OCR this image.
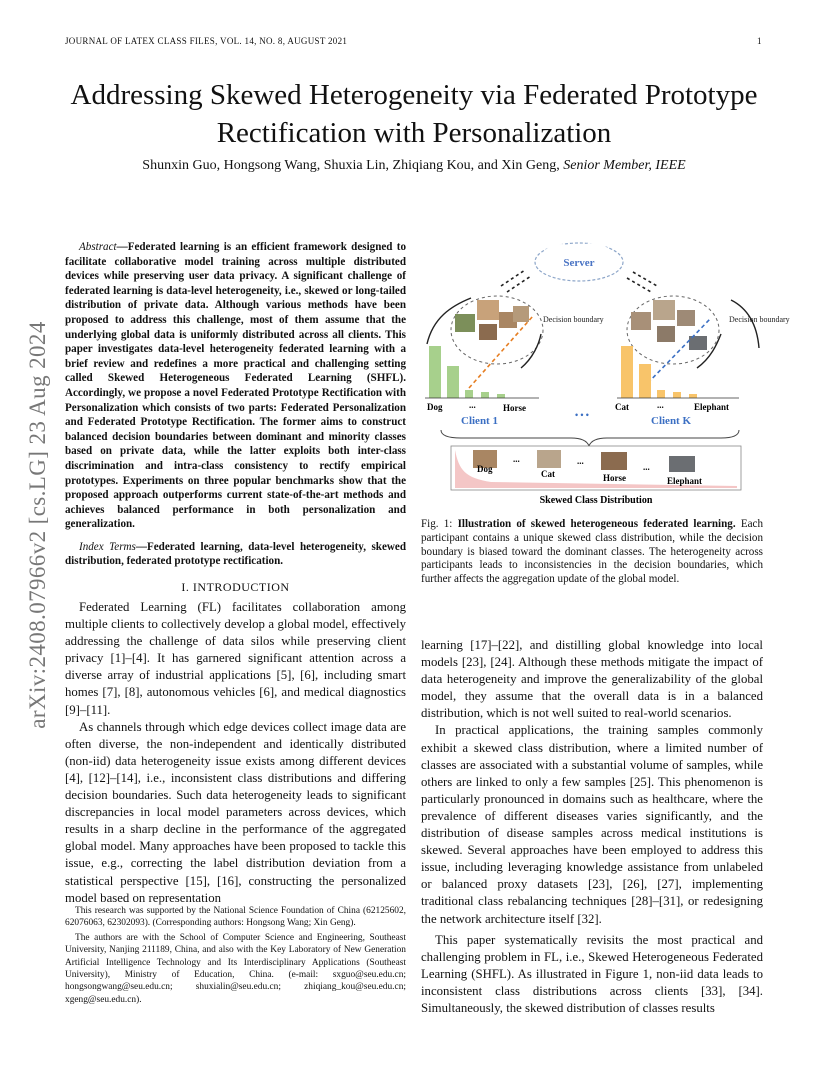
JOURNAL OF LATEX CLASS FILES, VOL. 14, NO. 8, AUGUST 2021	1
arXiv:2408.07966v2 [cs.LG] 23 Aug 2024
Addressing Skewed Heterogeneity via Federated Prototype Rectification with Personalization
Shunxin Guo, Hongsong Wang, Shuxia Lin, Zhiqiang Kou, and Xin Geng, Senior Member, IEEE

Abstract—Federated learning is an efficient framework designed to facilitate collaborative model training across multiple distributed devices while preserving user data privacy. A significant challenge of federated learning is data-level heterogeneity, i.e., skewed or long-tailed distribution of private data. Although various methods have been proposed to address this challenge, most of them assume that the underlying global data is uniformly distributed across all clients. This paper investigates data-level heterogeneity federated learning with a brief review and redefines a more practical and challenging setting called Skewed Heterogeneous Federated Learning (SHFL). Accordingly, we propose a novel Federated Prototype Rectification with Personalization which consists of two parts: Federated Personalization and Federated Prototype Rectification. The former aims to construct balanced decision boundaries between dominant and minority classes based on private data, while the latter exploits both inter-class discrimination and intra-class consistency to rectify empirical prototypes. Experiments on three popular benchmarks show that the proposed approach outperforms current state-of-the-art methods and achieves balanced performance in both personalization and generalization.

Index Terms—Federated learning, data-level heterogeneity, skewed distribution, federated prototype rectification.

I. INTRODUCTION

Federated Learning (FL) facilitates collaboration among multiple clients to collectively develop a global model, effectively addressing the challenge of data silos while preserving client privacy [1]–[4]. It has garnered significant attention across a diverse array of industrial applications [5], [6], including smart homes [7], [8], autonomous vehicles [6], and medical diagnostics [9]–[11].

As channels through which edge devices collect image data are often diverse, the non-independent and identically distributed (non-iid) data heterogeneity issue exists among different devices [4], [12]–[14], i.e., inconsistent class distributions and differing decision boundaries. Such data heterogeneity leads to significant discrepancies in local model parameters across devices, which results in a sharp decline in the performance of the aggregated global model. Many approaches have been proposed to tackle this issue, e.g., correcting the label distribution deviation from a statistical perspective [15], [16], constructing the personalized model based on representation

This research was supported by the National Science Foundation of China (62125602, 62076063, 62302093). (Corresponding authors: Hongsong Wang; Xin Geng).

The authors are with the School of Computer Science and Engineering, Southeast University, Nanjing 211189, China, and also with the Key Laboratory of New Generation Artificial Intelligence Technology and Its Interdisciplinary Applications (Southeast University), Ministry of Education, China. (e-mail: sxguo@seu.edu.cn; hongsongwang@seu.edu.cn; shuxialin@seu.edu.cn; zhiqiang_kou@seu.edu.cn; xgeng@seu.edu.cn).

Server
Decision boundary
Dog	...	Horse
Client 1
Decision boundary
Cat	...	Elephant
Client K
• • •
Dog	Cat	Horse	Elephant
...	...
...
Skewed Class Distribution
Fig. 1: Illustration of skewed heterogeneous federated learning. Each participant contains a unique skewed class distribution, while the decision boundary is biased toward the dominant classes. The heterogeneity across participants leads to inconsistencies in the decision boundaries, which further affects the aggregation update of the global model.

learning [17]–[22], and distilling global knowledge into local models [23], [24]. Although these methods mitigate the impact of data heterogeneity and improve the generalizability of the global model, they assume that the overall data is in a balanced distribution, which is not well suited to real-world scenarios.

In practical applications, the training samples commonly exhibit a skewed class distribution, where a limited number of classes are associated with a substantial volume of samples, while others are linked to only a few samples [25]. This phenomenon is particularly pronounced in domains such as healthcare, where the prevalence of different diseases varies significantly, and the distribution of disease samples across medical institutions is skewed. Several approaches have been employed to address this issue, including leveraging knowledge assistance from unlabeled or balanced proxy datasets [23], [26], [27], implementing traditional class rebalancing techniques [28]–[31], or redesigning the network architecture itself [32].

This paper systematically revisits the most practical and challenging problem in FL, i.e., Skewed Heterogeneous Federated Learning (SHFL). As illustrated in Figure 1, non-iid data leads to inconsistent class distributions across clients [33], [34]. Simultaneously, the skewed distribution of classes results
